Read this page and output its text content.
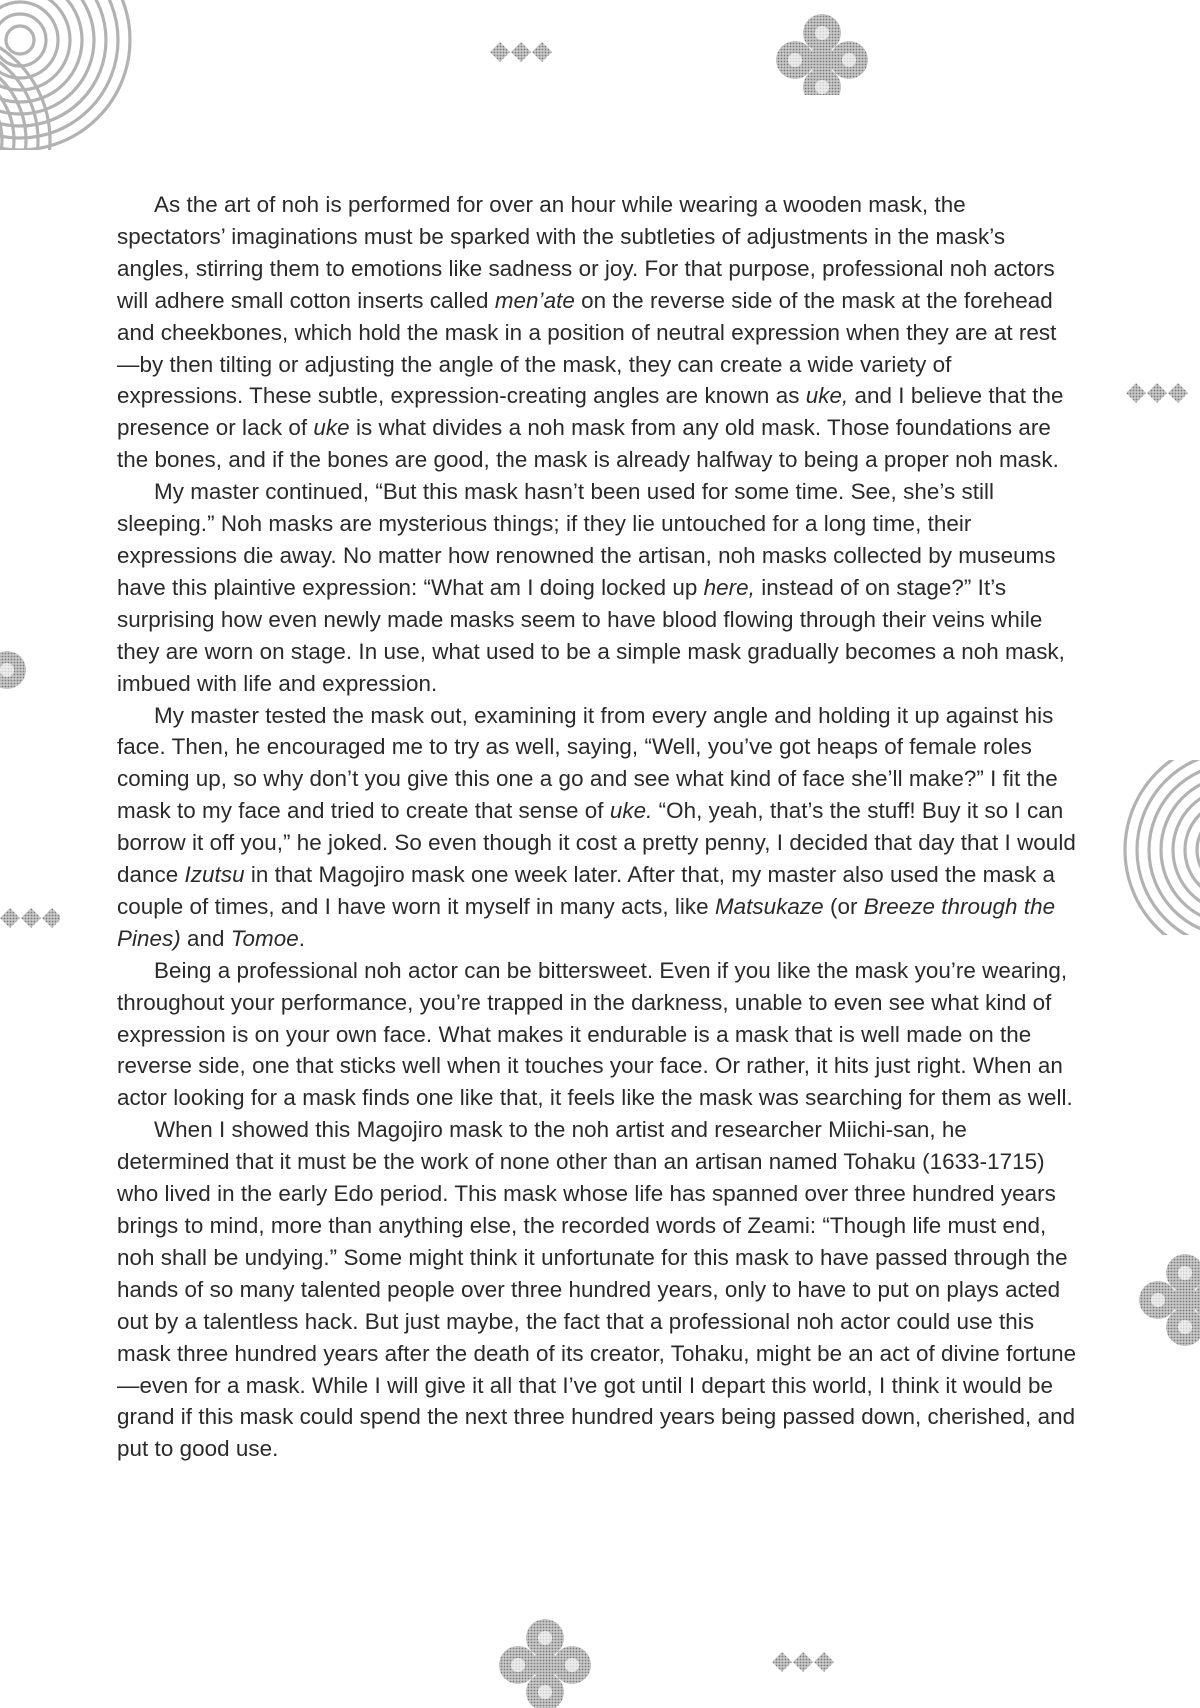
As the art of noh is performed for over an hour while wearing a wooden mask, the spectators’ imaginations must be sparked with the subtleties of adjustments in the mask’s angles, stirring them to emotions like sadness or joy. For that purpose, professional noh actors will adhere small cotton inserts called men’ate on the reverse side of the mask at the forehead and cheekbones, which hold the mask in a position of neutral expression when they are at rest—by then tilting or adjusting the angle of the mask, they can create a wide variety of expressions. These subtle, expression-creating angles are known as uke, and I believe that the presence or lack of uke is what divides a noh mask from any old mask. Those foundations are the bones, and if the bones are good, the mask is already halfway to being a proper noh mask.

My master continued, “But this mask hasn’t been used for some time. See, she’s still sleeping.” Noh masks are mysterious things; if they lie untouched for a long time, their expressions die away. No matter how renowned the artisan, noh masks collected by museums have this plaintive expression: “What am I doing locked up here, instead of on stage?” It’s surprising how even newly made masks seem to have blood flowing through their veins while they are worn on stage. In use, what used to be a simple mask gradually becomes a noh mask, imbued with life and expression.

My master tested the mask out, examining it from every angle and holding it up against his face. Then, he encouraged me to try as well, saying, “Well, you’ve got heaps of female roles coming up, so why don’t you give this one a go and see what kind of face she’ll make?” I fit the mask to my face and tried to create that sense of uke. “Oh, yeah, that’s the stuff! Buy it so I can borrow it off you,” he joked. So even though it cost a pretty penny, I decided that day that I would dance Izutsu in that Magojiro mask one week later. After that, my master also used the mask a couple of times, and I have worn it myself in many acts, like Matsukaze (or Breeze through the Pines) and Tomoe.

Being a professional noh actor can be bittersweet. Even if you like the mask you’re wearing, throughout your performance, you’re trapped in the darkness, unable to even see what kind of expression is on your own face. What makes it endurable is a mask that is well made on the reverse side, one that sticks well when it touches your face. Or rather, it hits just right. When an actor looking for a mask finds one like that, it feels like the mask was searching for them as well.

When I showed this Magojiro mask to the noh artist and researcher Miichi-san, he determined that it must be the work of none other than an artisan named Tohaku (1633-1715) who lived in the early Edo period. This mask whose life has spanned over three hundred years brings to mind, more than anything else, the recorded words of Zeami: “Though life must end, noh shall be undying.” Some might think it unfortunate for this mask to have passed through the hands of so many talented people over three hundred years, only to have to put on plays acted out by a talentless hack. But just maybe, the fact that a professional noh actor could use this mask three hundred years after the death of its creator, Tohaku, might be an act of divine fortune—even for a mask. While I will give it all that I’ve got until I depart this world, I think it would be grand if this mask could spend the next three hundred years being passed down, cherished, and put to good use.
